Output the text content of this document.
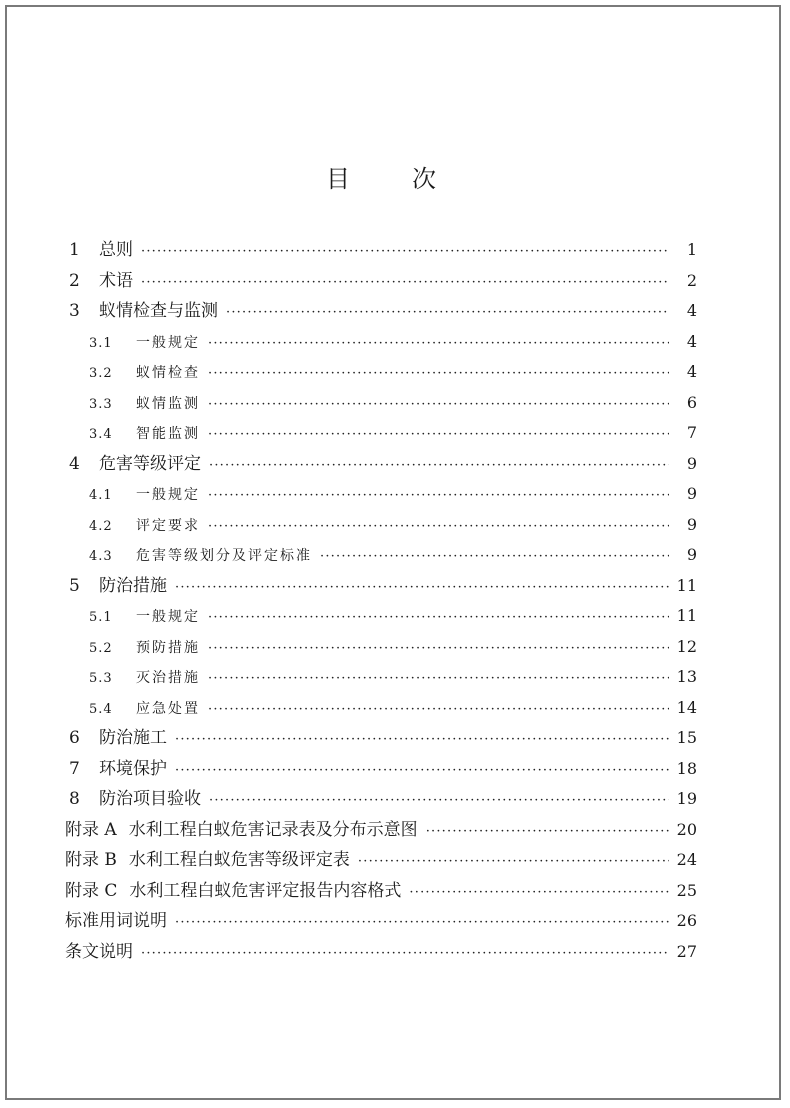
目	次
1	总则 ·····	1
2	术语 ·····	2
3	蚁情检查与监测 ·····	4
3.1	一般规定 ·····	4
3.2	蚁情检查 ·····	4
3.3	蚁情监测 ·····	6
3.4	智能监测 ·····	7
4	危害等级评定 ·····	9
4.1	一般规定 ·····	9
4.2	评定要求 ·····	9
4.3	危害等级划分及评定标准 ·····	9
5	防治措施 ·····	11
5.1	一般规定 ·····	11
5.2	预防措施 ·····	12
5.3	灭治措施 ·····	13
5.4	应急处置 ·····	14
6	防治施工 ·····	15
7	环境保护 ·····	18
8	防治项目验收 ·····	19
附录 A 水利工程白蚁危害记录表及分布示意图 ·····	20
附录 B 水利工程白蚁危害等级评定表 ·····	24
附录 C 水利工程白蚁危害评定报告内容格式 ·····	25
标准用词说明 ·····	26
条文说明 ·····	27
